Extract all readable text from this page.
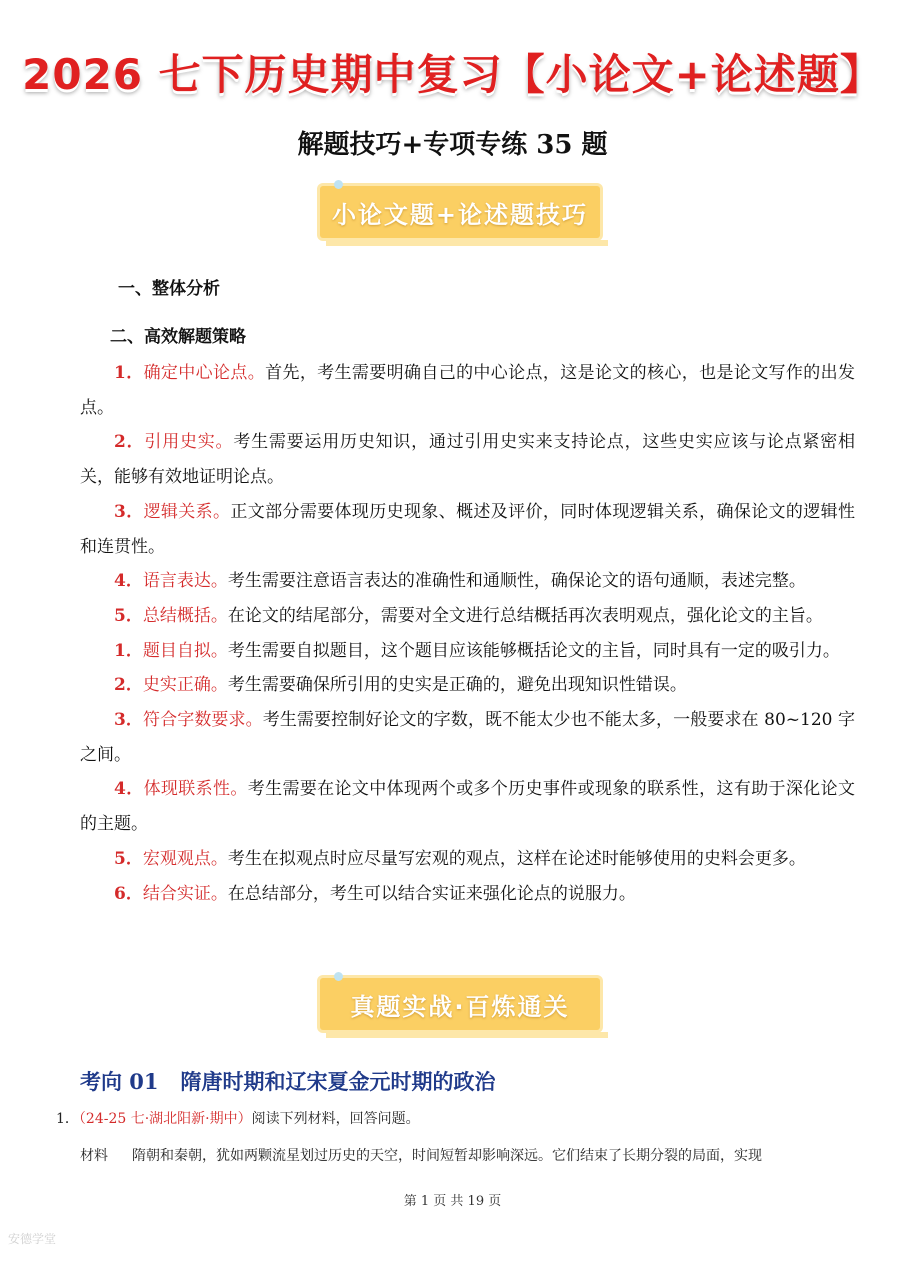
2026 七下历史期中复习【小论文+论述题】
解题技巧+专项专练 35 题
小论文题+论述题技巧
一、整体分析
二、高效解题策略

1．确定中心论点。首先，考生需要明确自己的中心论点，这是论文的核心，也是论文写作的出发点。

2．引用史实。考生需要运用历史知识，通过引用史实来支持论点，这些史实应该与论点紧密相关，能够有效地证明论点。

3．逻辑关系。正文部分需要体现历史现象、概述及评价，同时体现逻辑关系，确保论文的逻辑性和连贯性。

4．语言表达。考生需要注意语言表达的准确性和通顺性，确保论文的语句通顺，表述完整。

5．总结概括。在论文的结尾部分，需要对全文进行总结概括再次表明观点，强化论文的主旨。

1．题目自拟。考生需要自拟题目，这个题目应该能够概括论文的主旨，同时具有一定的吸引力。

2．史实正确。考生需要确保所引用的史实是正确的，避免出现知识性错误。

3．符合字数要求。考生需要控制好论文的字数，既不能太少也不能太多，一般要求在 80~120 字之间。

4．体现联系性。考生需要在论文中体现两个或多个历史事件或现象的联系性，这有助于深化论文的主题。

5．宏观观点。考生在拟观点时应尽量写宏观的观点，这样在论述时能够使用的史料会更多。

6．结合实证。在总结部分，考生可以结合实证来强化论点的说服力。

真题实战·百炼通关
考向 01 隋唐时期和辽宋夏金元时期的政治
1．（24-25 七·湖北阳新·期中）阅读下列材料，回答问题。
材料 隋朝和秦朝，犹如两颗流星划过历史的天空，时间短暂却影响深远。它们结束了长期分裂的局面，实现
第 1 页 共 19 页
安德学堂
